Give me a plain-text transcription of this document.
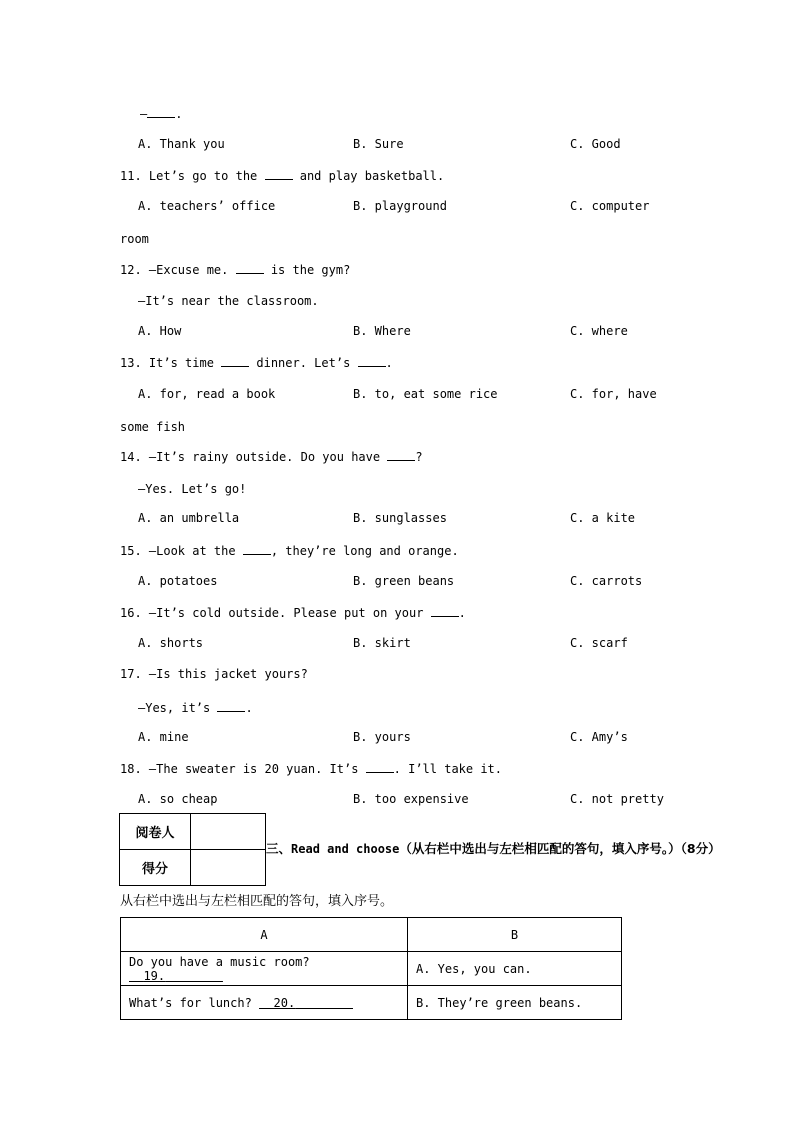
— .
A. Thank you	B. Sure	C. Good
11. Let’s go to the  and play basketball.
A. teachers’ office	B. playground	C. computer
room
12. —Excuse me.  is the gym?
—It’s near the classroom.
A. How	B. Where	C. where
13. It’s time  dinner. Let’s .
A. for, read a book	B. to, eat some rice	C. for, have
some fish
14. —It’s rainy outside. Do you have ?
—Yes. Let’s go!
A. an umbrella	B. sunglasses	C. a kite
15. —Look at the , they’re long and orange.
A. potatoes	B. green beans	C. carrots
16. —It’s cold outside. Please put on your .
A. shorts	B. skirt	C. scarf
17. —Is this jacket yours?
—Yes, it’s .
A. mine	B. yours	C. Amy’s
18. —The sweater is 20 yuan. It’s . I’ll take it.
A. so cheap	B. too expensive	C. not pretty
阅卷人	
得分	
三、Read and choose（从右栏中选出与左栏相匹配的答句，填入序号。）（8分）
从右栏中选出与左栏相匹配的答句，填入序号。
A	B
Do you have a music room?   19.	A. Yes, you can.
What’s for lunch?   20.	B. They’re green beans.
